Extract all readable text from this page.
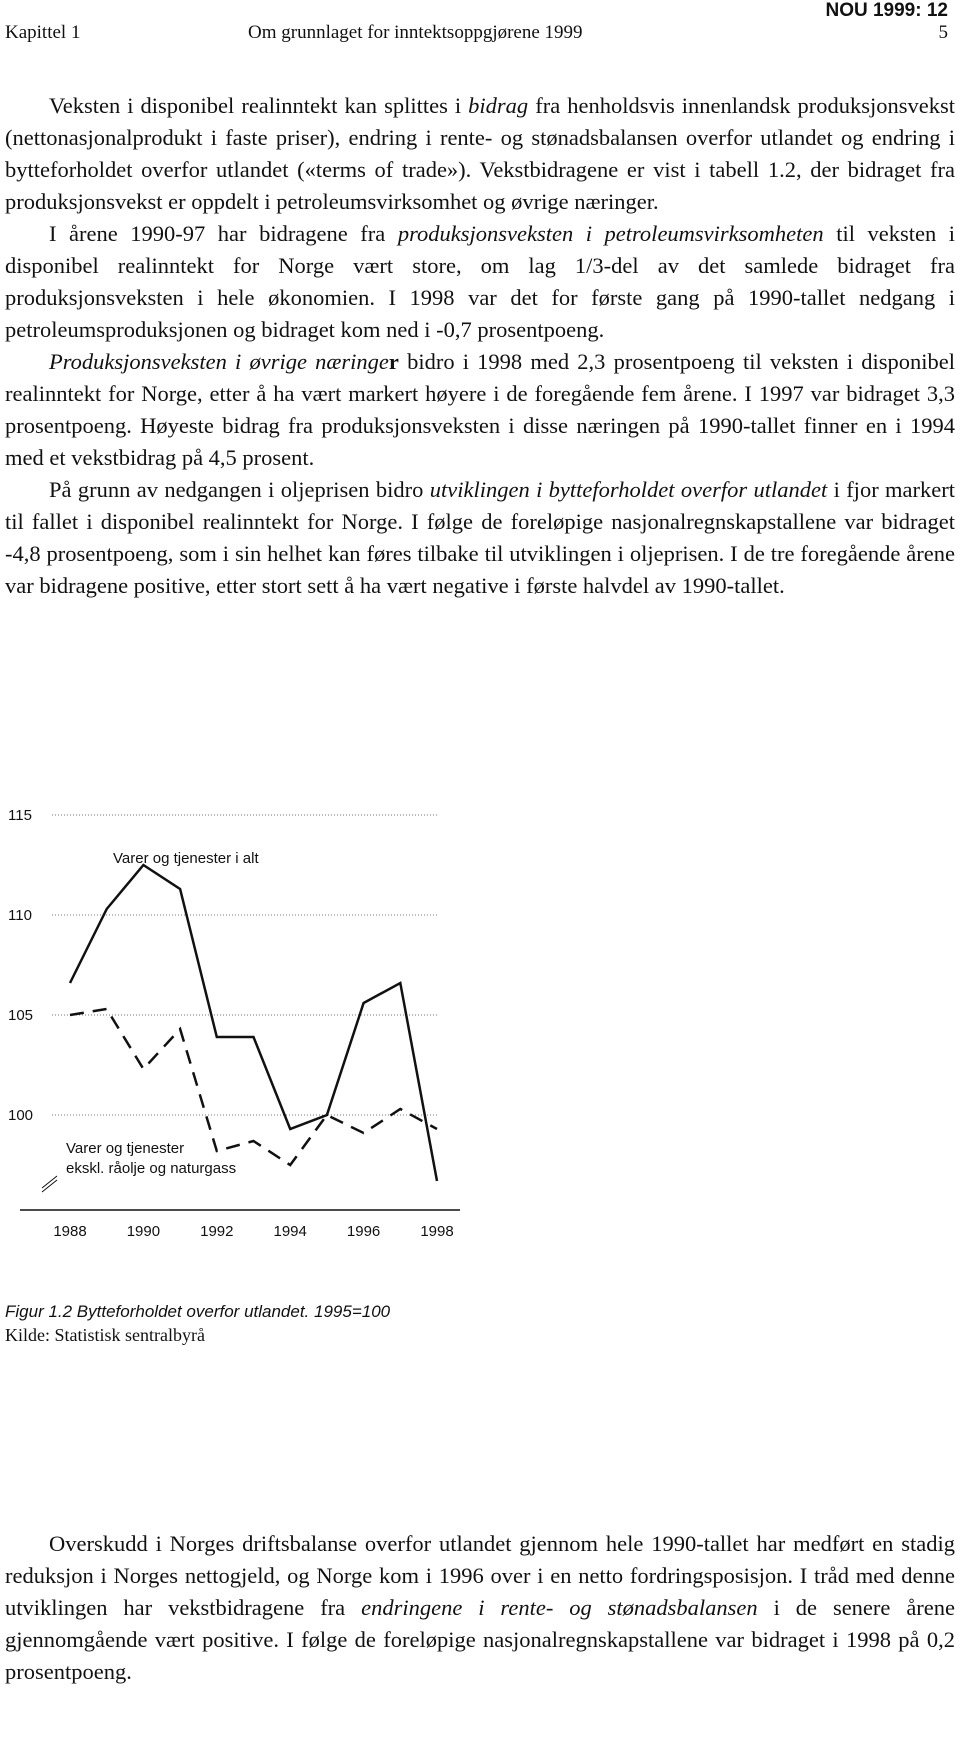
NOU 1999: 12
Kapittel 1	Om grunnlaget for inntektsoppgjørene 1999	5

Veksten i disponibel realinntekt kan splittes i bidrag fra henholdsvis innenlandsk produksjonsvekst (nettonasjonalprodukt i faste priser), endring i rente- og stønadsbalansen overfor utlandet og endring i bytteforholdet overfor utlandet («terms of trade»). Vekstbidragene er vist i tabell 1.2, der bidraget fra produksjonsvekst er oppdelt i petroleumsvirksomhet og øvrige næringer.

I årene 1990-97 har bidragene fra produksjonsveksten i petroleumsvirksomheten til veksten i disponibel realinntekt for Norge vært store, om lag 1/3-del av det samlede bidraget fra produksjonsveksten i hele økonomien. I 1998 var det for første gang på 1990-tallet nedgang i petroleumsproduksjonen og bidraget kom ned i -0,7 prosentpoeng.

Produksjonsveksten i øvrige næringer bidro i 1998 med 2,3 prosentpoeng til veksten i disponibel realinntekt for Norge, etter å ha vært markert høyere i de foregående fem årene. I 1997 var bidraget 3,3 prosentpoeng. Høyeste bidrag fra produksjonsveksten i disse næringen på 1990-tallet finner en i 1994 med et vekstbidrag på 4,5 prosent.

På grunn av nedgangen i oljeprisen bidro utviklingen i bytteforholdet overfor utlandet i fjor markert til fallet i disponibel realinntekt for Norge. I følge de foreløpige nasjonalregnskapstallene var bidraget -4,8 prosentpoeng, som i sin helhet kan føres tilbake til utviklingen i oljeprisen. I de tre foregående årene var bidragene positive, etter stort sett å ha vært negative i første halvdel av 1990-tallet.

100
105
110
115
1988	1990	1992	1994	1996	1998
Varer og tjenester i alt
Varer og tjenester
ekskl. råolje og naturgass

Figur 1.2 Bytteforholdet overfor utlandet. 1995=100

Kilde: Statistisk sentralbyrå

Overskudd i Norges driftsbalanse overfor utlandet gjennom hele 1990-tallet har medført en stadig reduksjon i Norges nettogjeld, og Norge kom i 1996 over i en netto fordringsposisjon. I tråd med denne utviklingen har vekstbidragene fra endringene i rente- og stønadsbalansen i de senere årene gjennomgående vært positive. I følge de foreløpige nasjonalregnskapstallene var bidraget i 1998 på 0,2 prosentpoeng.
